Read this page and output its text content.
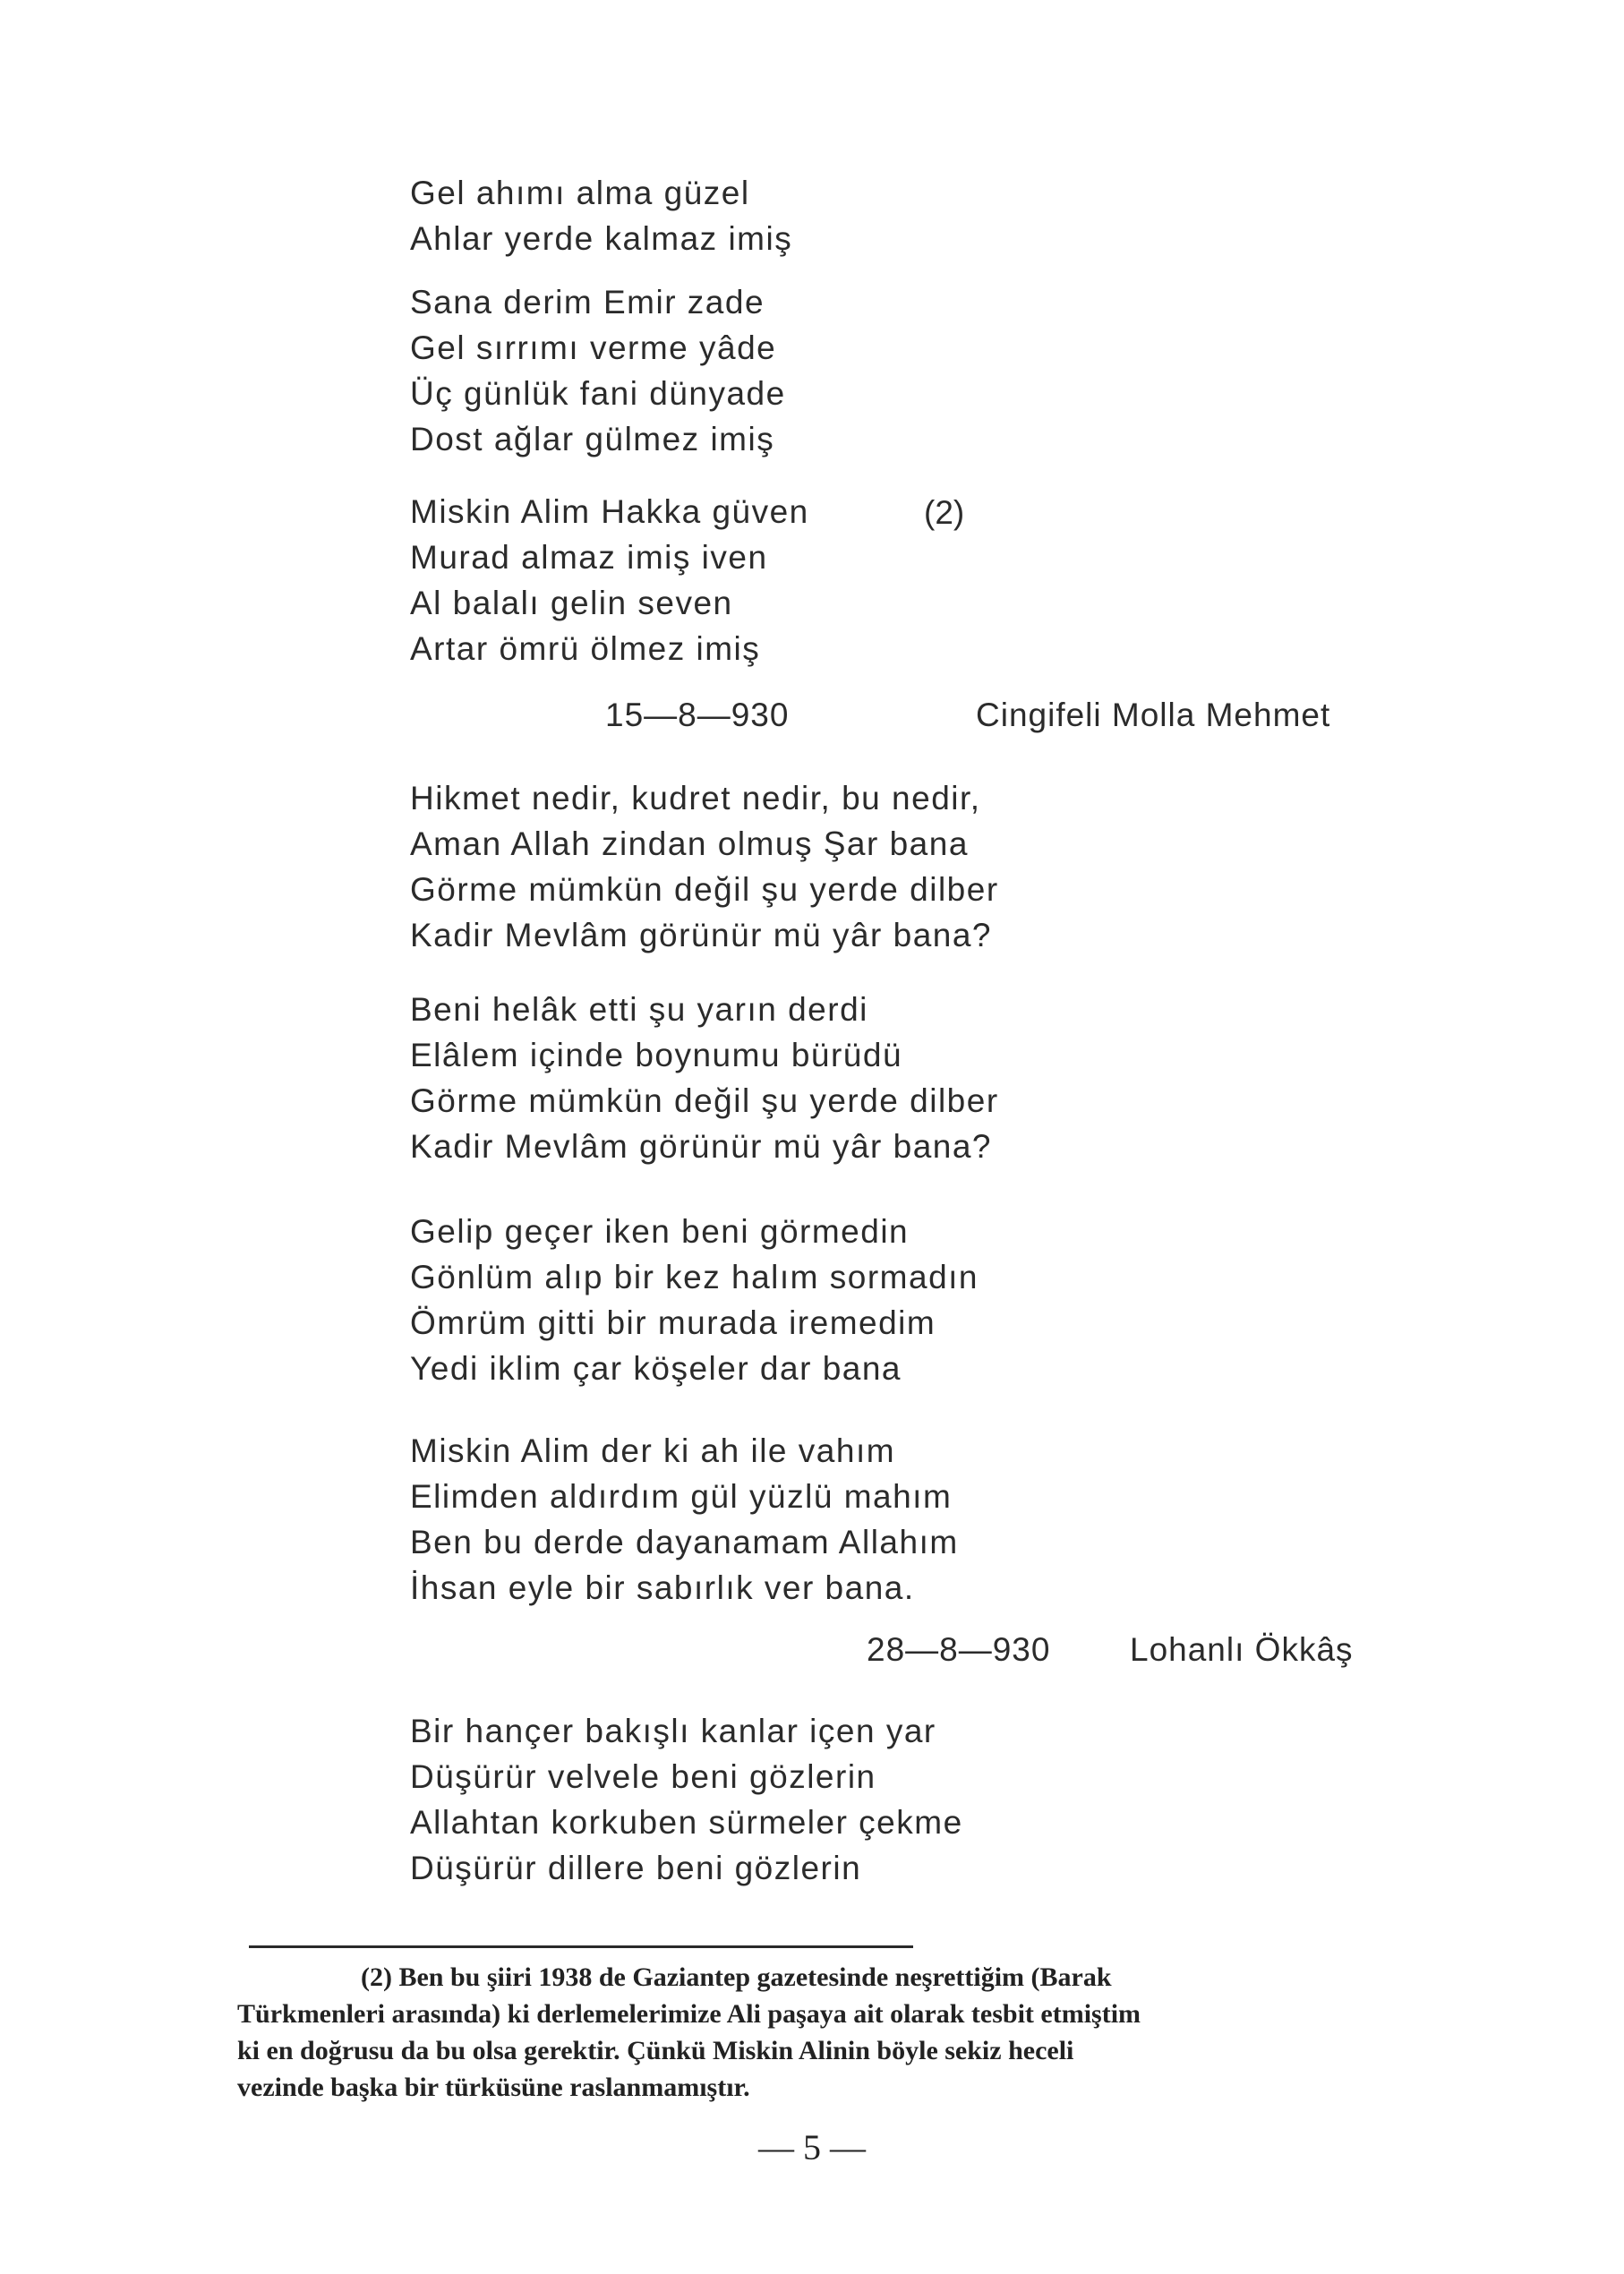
Gel ahımı alma güzel
Ahlar yerde kalmaz imiş
Sana derim Emir zade
Gel sırrımı verme yâde
Üç günlük fani dünyade
Dost ağlar gülmez imiş
Miskin Alim Hakka güven
Murad almaz imiş iven
Al balalı gelin seven
Artar ömrü ölmez imiş
(2)
15—8—930	Cingifeli Molla Mehmet
Hikmet nedir, kudret nedir, bu nedir,
Aman Allah zindan olmuş Şar bana
Görme mümkün değil şu yerde dilber
Kadir Mevlâm görünür mü yâr bana?
Beni helâk etti şu yarın derdi
Elâlem içinde boynumu bürüdü
Görme mümkün değil şu yerde dilber
Kadir Mevlâm görünür mü yâr bana?
Gelip geçer iken beni görmedin
Gönlüm alıp bir kez halım sormadın
Ömrüm gitti bir murada iremedim
Yedi iklim çar köşeler dar bana
Miskin Alim der ki ah ile vahım
Elimden aldırdım gül yüzlü mahım
Ben bu derde dayanamam Allahım
İhsan eyle bir sabırlık ver bana.
28—8—930 Lohanlı Ökkâş
Bir hançer bakışlı kanlar içen yar
Düşürür velvele beni gözlerin
Allahtan korkuben sürmeler çekme
Düşürür dillere beni gözlerin

(2) Ben bu şiiri 1938 de Gaziantep gazetesinde neşrettiğim (Barak

Türkmenleri arasında) ki derlemelerimize Ali paşaya ait olarak tesbit etmiştim

ki en doğrusu da bu olsa gerektir. Çünkü Miskin Alinin böyle sekiz heceli

vezinde başka bir türküsüne raslanmamıştır.

— 5 —
